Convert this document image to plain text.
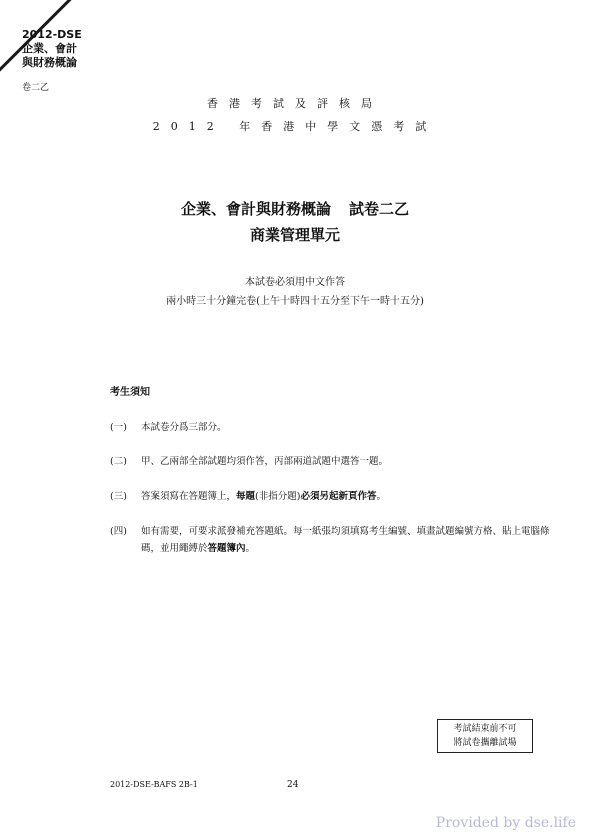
2012-DSE
企業、會計
與財務概論
卷二乙
香港考試及評核局
2012 年香港中學文憑考試
企業、會計與財務概論 試卷二乙
商業管理單元
本試卷必須用中文作答
兩小時三十分鐘完卷(上午十時四十五分至下午一時十五分)
考生須知
(一) 本試卷分爲三部分。
(二) 甲、乙兩部全部試題均須作答，丙部兩道試題中選答一題。
(三) 答案須寫在答題簿上，每題(非指分題)必須另起新頁作答。
(四) 如有需要，可要求派發補充答題紙。每一紙張均須填寫考生編號、填畫試題編號方格、貼上電腦條碼，並用繩縛於答題簿內。
考試結束前不可
將試卷攜離試場
2012-DSE-BAFS 2B-1	24
Provided by dse.life
